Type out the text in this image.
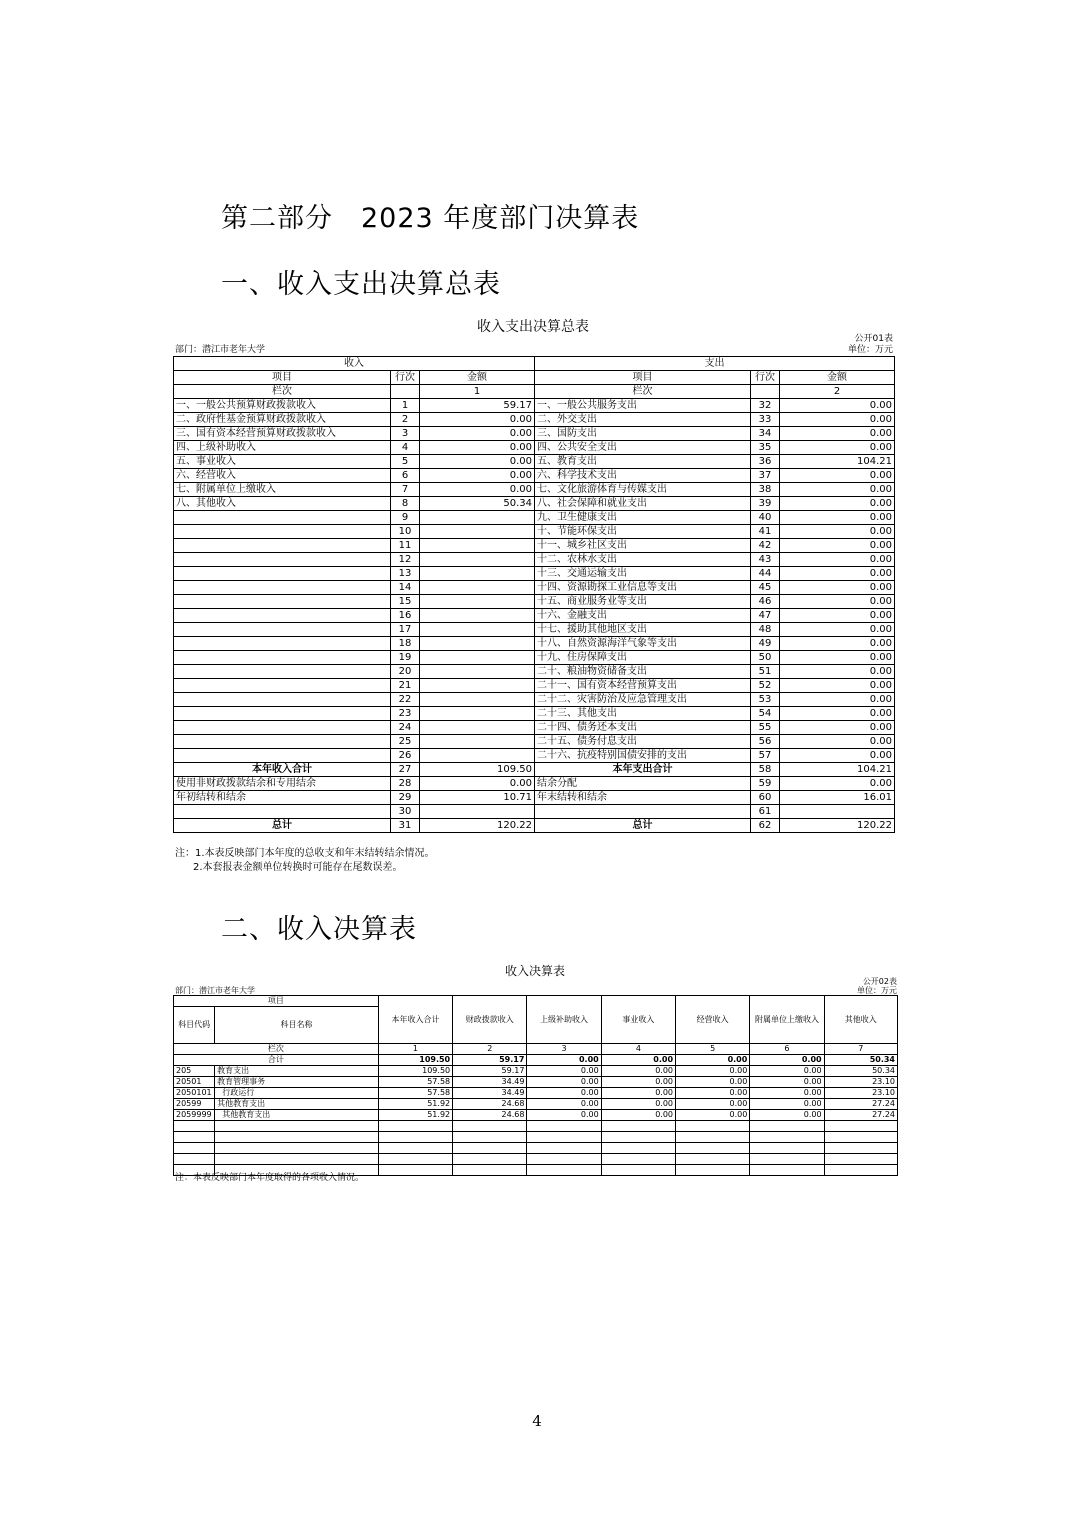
第二部分　2023 年度部门决算表
一、收入支出决算总表
收入支出决算总表
公开01表
部门：潜江市老年大学	单位：万元
收入			支出		
项目	行次	金额	项目	行次	金额
栏次		1	栏次		2
一、一般公共预算财政拨款收入	1	59.17	一、一般公共服务支出	32	0.00
二、政府性基金预算财政拨款收入	2	0.00	二、外交支出	33	0.00
三、国有资本经营预算财政拨款收入	3	0.00	三、国防支出	34	0.00
四、上级补助收入	4	0.00	四、公共安全支出	35	0.00
五、事业收入	5	0.00	五、教育支出	36	104.21
六、经营收入	6	0.00	六、科学技术支出	37	0.00
七、附属单位上缴收入	7	0.00	七、文化旅游体育与传媒支出	38	0.00
八、其他收入	8	50.34	八、社会保障和就业支出	39	0.00
	9		九、卫生健康支出	40	0.00
	10		十、节能环保支出	41	0.00
	11		十一、城乡社区支出	42	0.00
	12		十二、农林水支出	43	0.00
	13		十三、交通运输支出	44	0.00
	14		十四、资源勘探工业信息等支出	45	0.00
	15		十五、商业服务业等支出	46	0.00
	16		十六、金融支出	47	0.00
	17		十七、援助其他地区支出	48	0.00
	18		十八、自然资源海洋气象等支出	49	0.00
	19		十九、住房保障支出	50	0.00
	20		二十、粮油物资储备支出	51	0.00
	21		二十一、国有资本经营预算支出	52	0.00
	22		二十二、灾害防治及应急管理支出	53	0.00
	23		二十三、其他支出	54	0.00
	24		二十四、债务还本支出	55	0.00
	25		二十五、债务付息支出	56	0.00
	26		二十六、抗疫特别国债安排的支出	57	0.00
本年收入合计	27	109.50	本年支出合计	58	104.21
使用非财政拨款结余和专用结余	28	0.00	结余分配	59	0.00
年初结转和结余	29	10.71	年末结转和结余	60	16.01
	30			61	
总计	31	120.22	总计	62	120.22
注：1.本表反映部门本年度的总收支和年末结转结余情况。
2.本套报表金额单位转换时可能存在尾数误差。
二、收入决算表
收入决算表
公开02表
部门：潜江市老年大学	单位：万元
项目		本年收入合计	财政拨款收入	上级补助收入	事业收入	经营收入	附属单位上缴收入	其他收入
科目代码	科目名称							

栏次		1	2	3	4	5	6	7
合计		109.50	59.17	0.00	0.00	0.00	0.00	50.34
205	教育支出	109.50	59.17	0.00	0.00	0.00	0.00	50.34
20501	教育管理事务	57.58	34.49	0.00	0.00	0.00	0.00	23.10
2050101	行政运行	57.58	34.49	0.00	0.00	0.00	0.00	23.10
20599	其他教育支出	51.92	24.68	0.00	0.00	0.00	0.00	27.24
2059999	其他教育支出	51.92	24.68	0.00	0.00	0.00	0.00	27.24

注：本表反映部门本年度取得的各项收入情况。
4
